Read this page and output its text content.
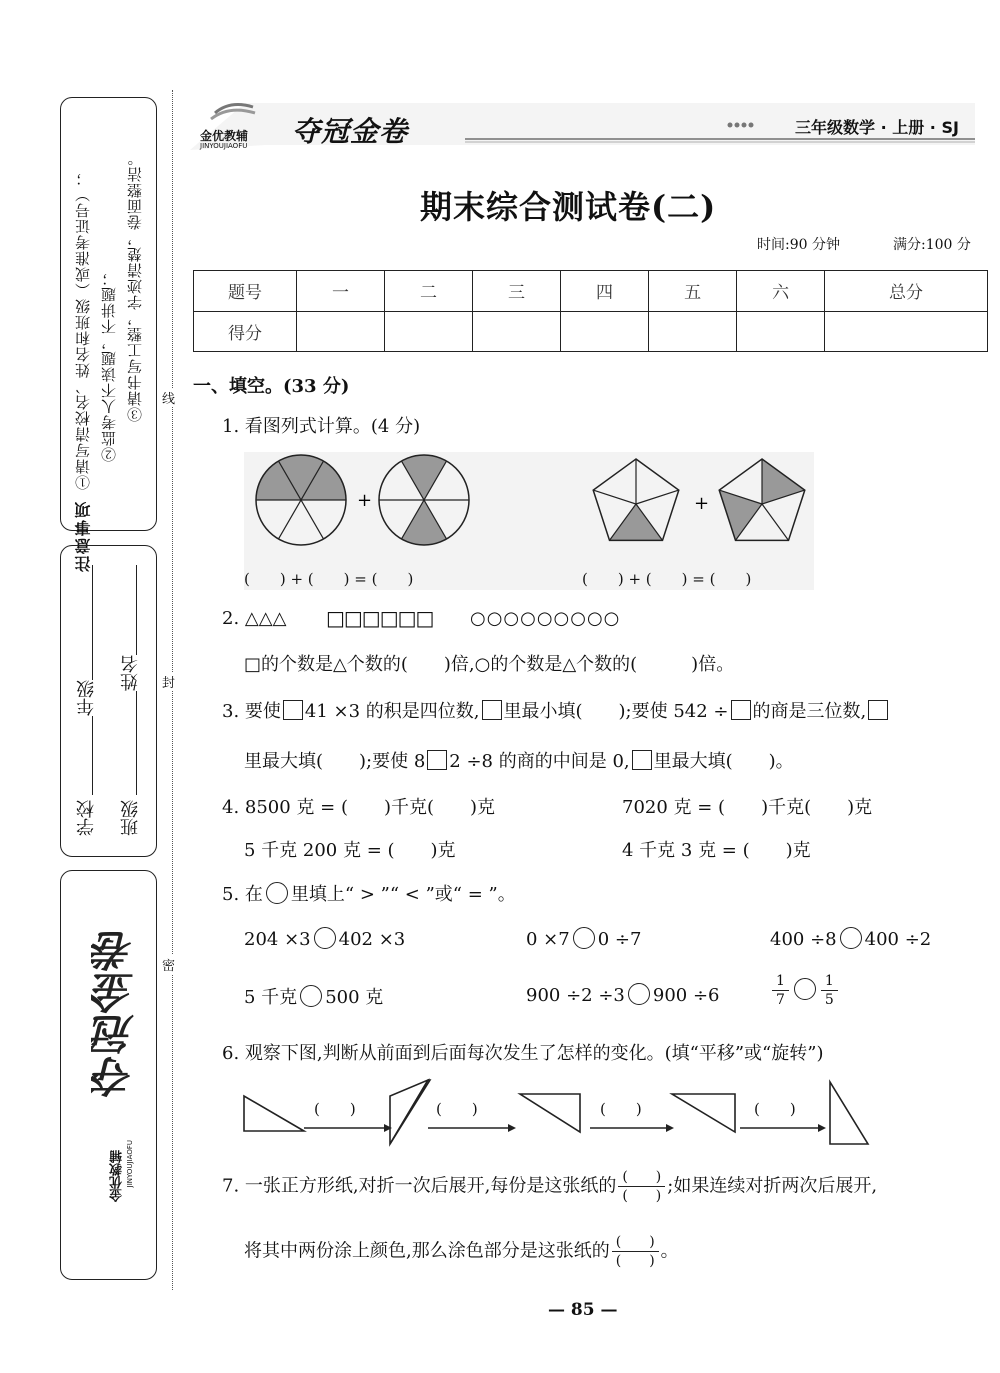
注意事项
①请写清校名、姓名和班级（或准考证号）； ②监考人不读题，不讲题； ③请书写工整，字迹清楚，卷面整洁。
学校
年级
班级
姓名
夺冠金卷
金优教辅 JINYOUJIAOFU
线
封
密
金优教辅
JINYOUJIAOFU 夺冠金卷	三年级数学 · 上册 · SJ
期末综合测试卷(二)
时间:90 分钟	满分:100 分
题号	一	二	三	四	五	六	总分
得分							
一、填空。(33 分)
1. 看图列式计算。(4 分)
+	+
(　　) + (　　) = (　　)	(　　) + (　　) = (　　)
2. △△△ □□□□□□ ○○○○○○○○○
□的个数是△个数的(　　)倍,○的个数是△个数的(　　　)倍。
3. 要使 41 ×3 的积是四位数, 里最小填(　　);要使 542 ÷ 的商是三位数,
里最大填(　　);要使 8 2 ÷8 的商的中间是 0, 里最大填(　　)。
4. 8500 克 = (　　)千克(　　)克	7020 克 = (　　)千克(　　)克
5 千克 200 克 = (　　)克	4 千克 3 克 = (　　)克
5. 在 里填上“ > ”“ < ”或“ = ”。
204 ×3 402 ×3	0 ×7 0 ÷7	400 ÷8 400 ÷2
5 千克 500 克	900 ÷2 ÷3 900 ÷6	$\frac{1}{7} \frac{1}{5}$
6. 观察下图,判断从前面到后面每次发生了怎样的变化。(填“平移”或“旋转”)
(　　)	(　　)	(　　)	(　　)
7. 一张正方形纸,对折一次后展开,每份是这张纸的 $\frac{( )}{( )}$ ;如果连续对折两次后展开,
将其中两份涂上颜色,那么涂色部分是这张纸的 $\frac{( )}{( )}$ 。
— 85 —
